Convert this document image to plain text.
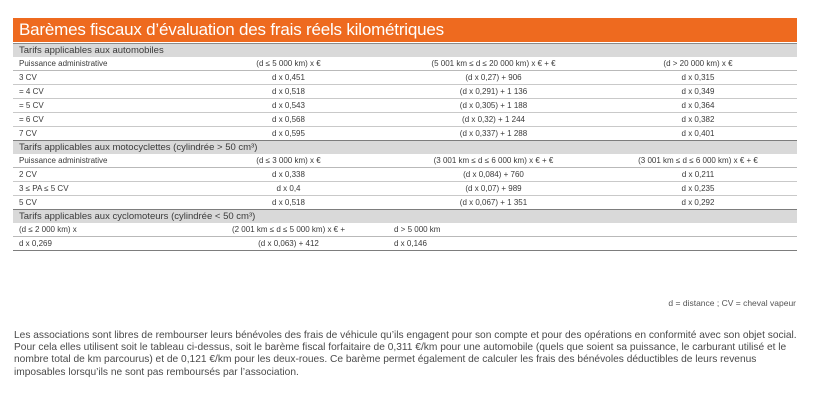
Barèmes fiscaux d’évaluation des frais réels kilométriques
Tarifs applicables aux automobiles			
Puissance administrative	(d ≤ 5 000 km) x €	(5 001 km ≤ d ≤ 20 000 km) x € + €	(d > 20 000 km) x €
3 CV	d x 0,451	(d x 0,27) + 906	d x 0,315
= 4 CV	d x 0,518	(d x 0,291) + 1 136	d x 0,349
= 5 CV	d x 0,543	(d x 0,305) + 1 188	d x 0,364
= 6 CV	d x 0,568	(d x 0,32) + 1 244	d x 0,382
7 CV	d x 0,595	(d x 0,337) + 1 288	d x 0,401
Tarifs applicables aux motocyclettes (cylindrée > 50 cm³)			
Puissance administrative	(d ≤ 3 000 km) x €	(3 001 km ≤ d ≤ 6 000 km) x € + €	(3 001 km ≤ d ≤ 6 000 km) x € + €
2 CV	d x 0,338	(d x 0,084) + 760	d x 0,211
3 ≤ PA ≤ 5 CV	d x 0,4	(d x 0,07) + 989	d x 0,235
5 CV	d x 0,518	(d x 0,067) + 1 351	d x 0,292
Tarifs applicables aux cyclomoteurs (cylindrée < 50 cm³)			
(d ≤ 2 000 km) x	(2 001 km ≤ d ≤ 5 000 km) x € +	d > 5 000 km	
d x 0,269	(d x 0,063) + 412	d x 0,146	
d = distance ; CV = cheval vapeur
Les associations sont libres de rembourser leurs bénévoles des frais de véhicule qu’ils engagent pour son compte et pour des opérations en conformité avec son objet social. Pour cela elles utilisent soit le tableau ci-dessus, soit le barème fiscal forfaitaire de 0,311 €/km pour une automobile (quels que soient sa puissance, le carburant utilisé et le nombre total de km parcourus) et de 0,121 €/km pour les deux-roues. Ce barème permet également de calculer les frais des bénévoles déductibles de leurs revenus imposables lorsqu’ils ne sont pas remboursés par l’association.
